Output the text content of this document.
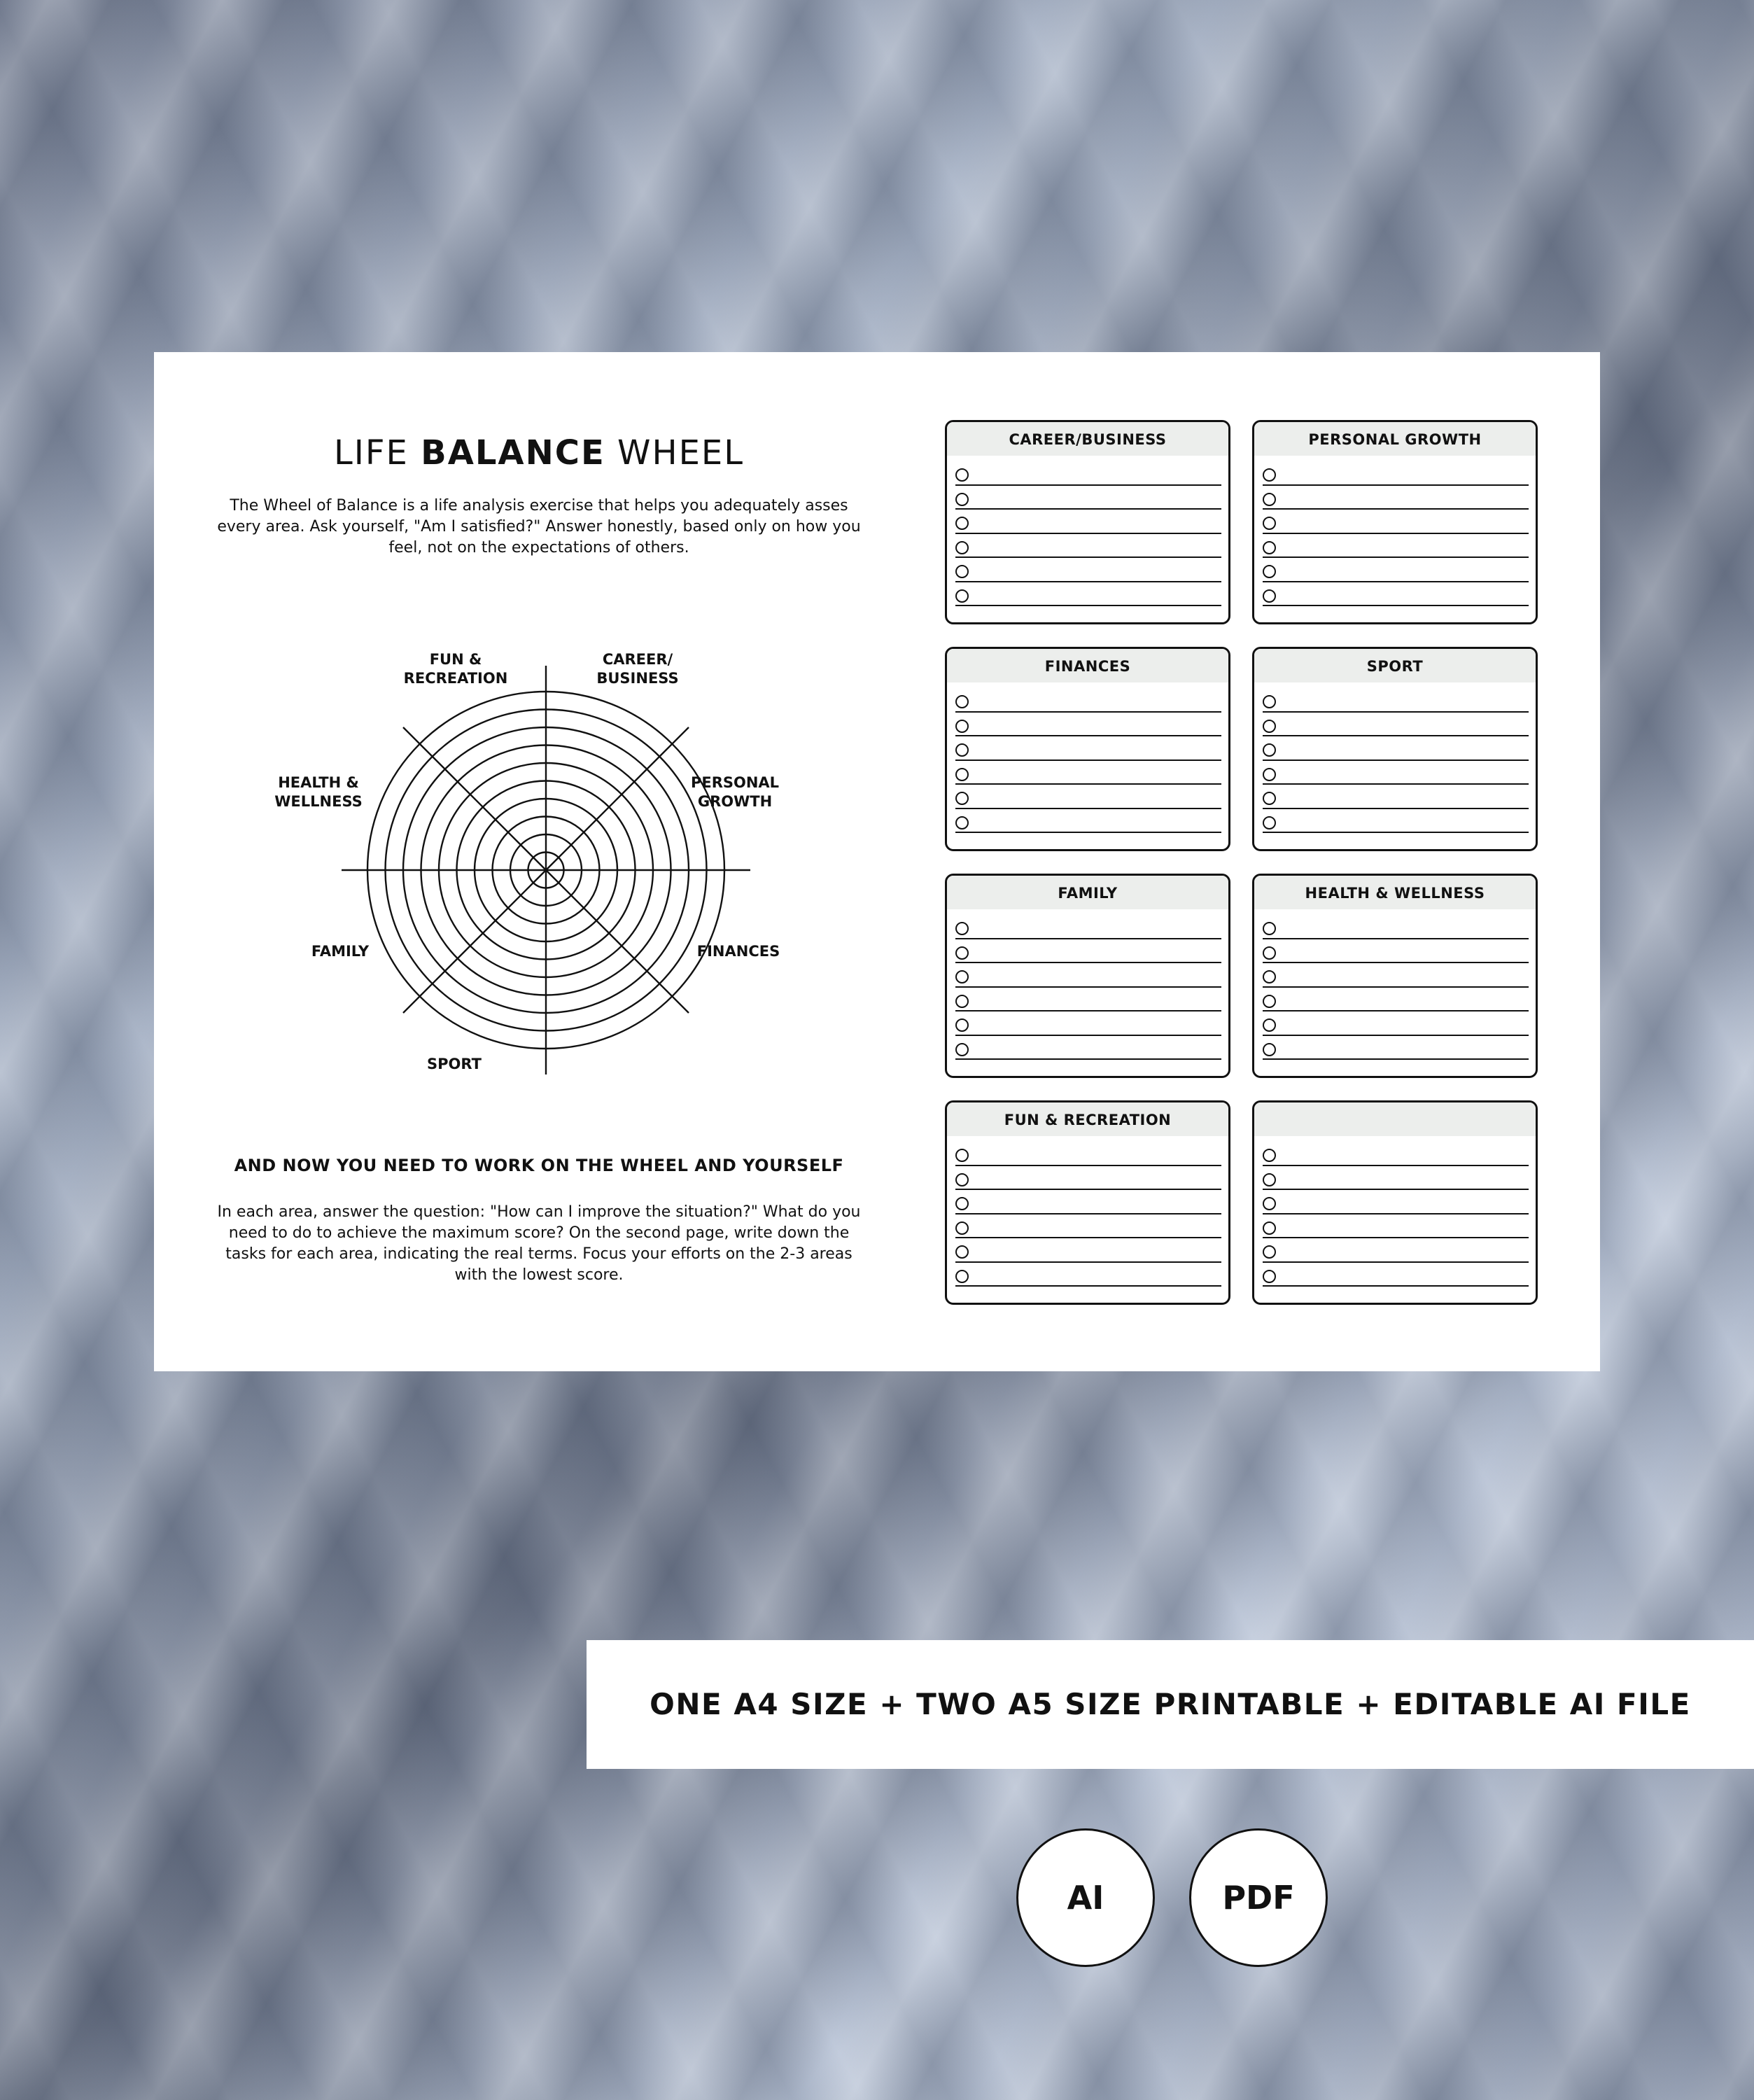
LIFE BALANCE WHEEL
The Wheel of Balance is a life analysis exercise that helps you adequately asses every area. Ask yourself, "Am I satisfied?" Answer honestly, based only on how you feel, not on the expectations of others.
FUN &
RECREATION
CAREER/
BUSINESS
HEALTH &
WELLNESS
PERSONAL
GROWTH
FAMILY	FINANCES
SPORT
AND NOW YOU NEED TO WORK ON THE WHEEL AND YOURSELF
In each area, answer the question: "How can I improve the situation?" What do you need to do to achieve the maximum score? On the second page, write down the tasks for each area, indicating the real terms. Focus your efforts on the 2-3 areas with the lowest score.
CAREER/BUSINESS	PERSONAL GROWTH
FINANCES	SPORT
FAMILY	HEALTH & WELLNESS
FUN & RECREATION
ONE A4 SIZE + TWO A5 SIZE PRINTABLE + EDITABLE AI FILE
AI	PDF
